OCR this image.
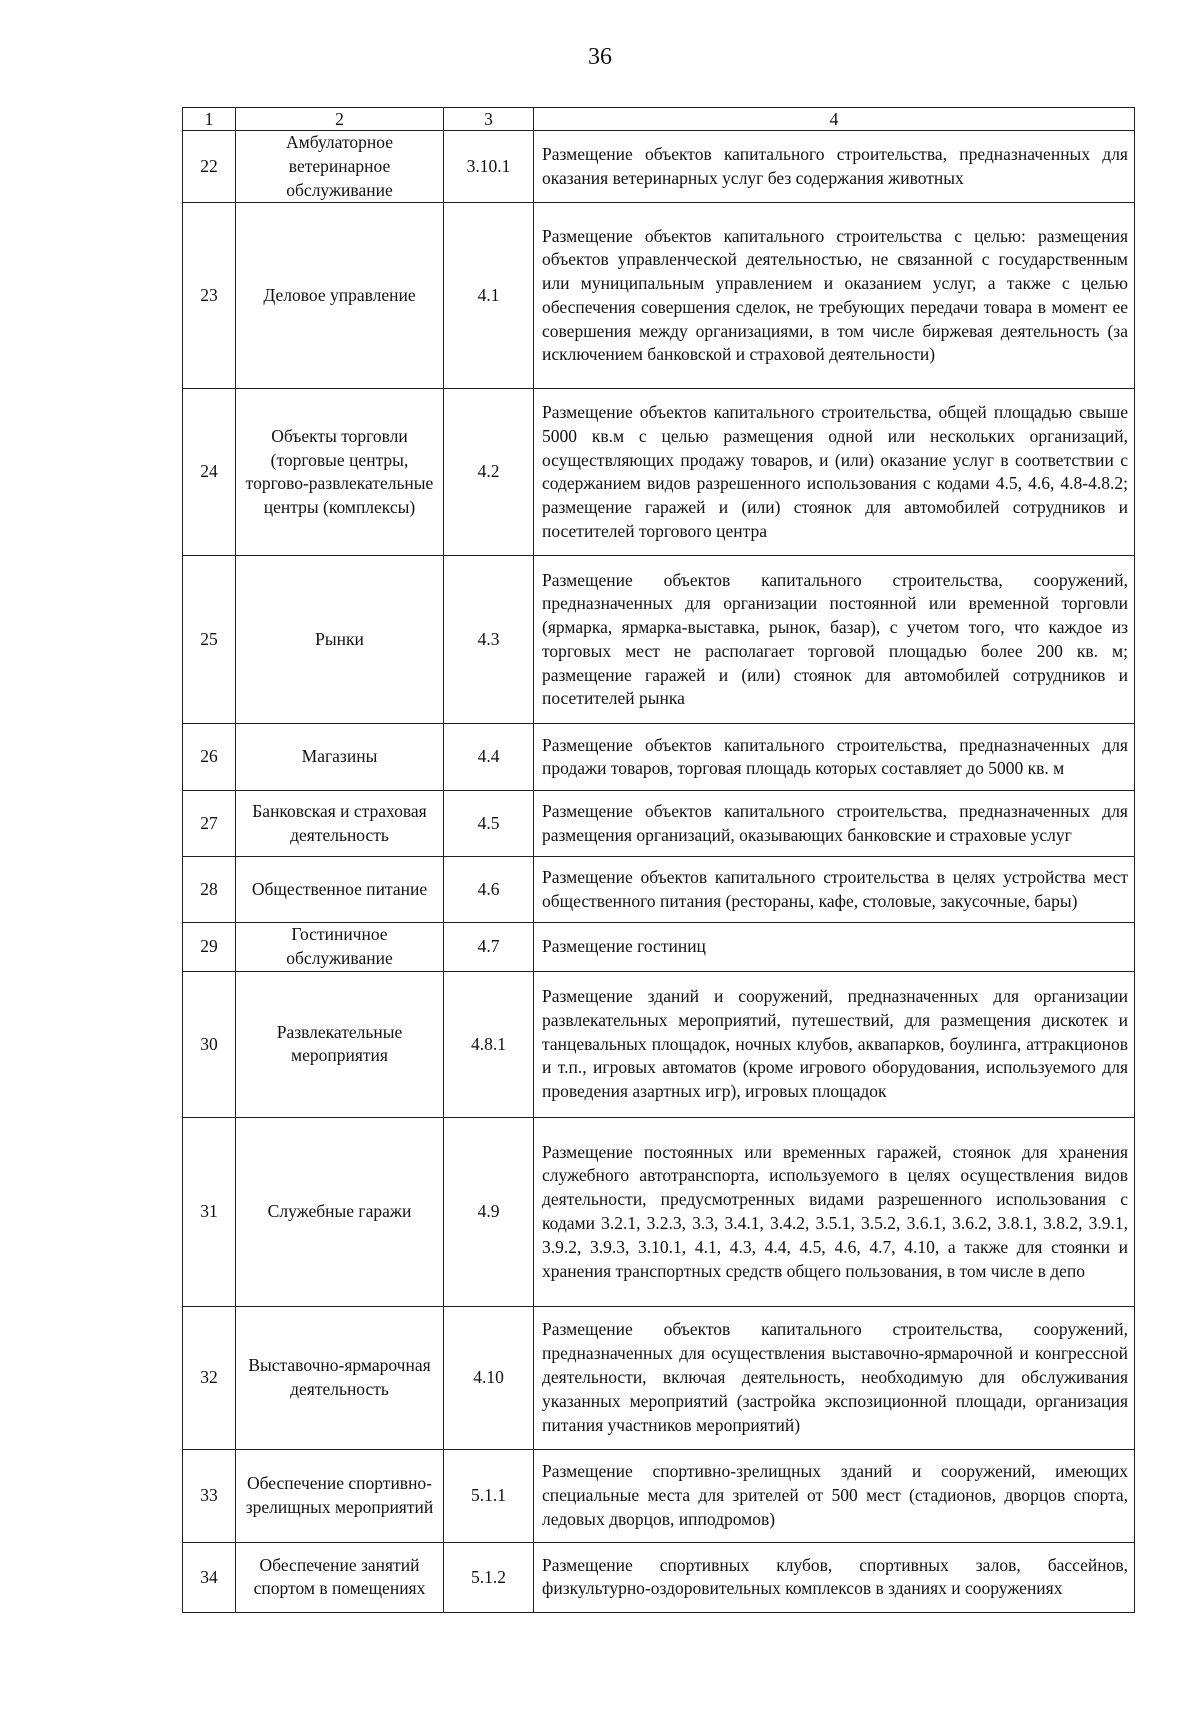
36
1	2	3	4
22	Амбулаторное ветеринарное обслуживание	3.10.1	Размещение объектов капитального строительства, предназначенных для оказания ветеринарных услуг без содержания животных
23	Деловое управление	4.1	Размещение объектов капитального строительства с целью: размещения объектов управленческой деятельностью, не связанной с государственным или муниципальным управлением и оказанием услуг, а также с целью обеспечения совершения сделок, не требующих передачи товара в момент ее совершения между организациями, в том числе биржевая деятельность (за исключением банковской и страховой деятельности)
24	Объекты торговли (торговые центры, торгово-развлекательные центры (комплексы)	4.2	Размещение объектов капитального строительства, общей площадью свыше 5000 кв.м с целью размещения одной или нескольких организаций, осуществляющих продажу товаров, и (или) оказание услуг в соответствии с содержанием видов разрешенного использования с кодами 4.5, 4.6, 4.8-4.8.2; размещение гаражей и (или) стоянок для автомобилей сотрудников и посетителей торгового центра
25	Рынки	4.3	Размещение объектов капитального строительства, сооружений, предназначенных для организации постоянной или временной торговли (ярмарка, ярмарка-выставка, рынок, базар), с учетом того, что каждое из торговых мест не располагает торговой площадью более 200 кв. м; размещение гаражей и (или) стоянок для автомобилей сотрудников и посетителей рынка
26	Магазины	4.4	Размещение объектов капитального строительства, предназначенных для продажи товаров, торговая площадь которых составляет до 5000 кв. м
27	Банковская и страховая деятельность	4.5	Размещение объектов капитального строительства, предназначенных для размещения организаций, оказывающих банковские и страховые услуг
28	Общественное питание	4.6	Размещение объектов капитального строительства в целях устройства мест общественного питания (рестораны, кафе, столовые, закусочные, бары)
29	Гостиничное обслуживание	4.7	Размещение гостиниц
30	Развлекательные мероприятия	4.8.1	Размещение зданий и сооружений, предназначенных для организации развлекательных мероприятий, путешествий, для размещения дискотек и танцевальных площадок, ночных клубов, аквапарков, боулинга, аттракционов и т.п., игровых автоматов (кроме игрового оборудования, используемого для проведения азартных игр), игровых площадок
31	Служебные гаражи	4.9	Размещение постоянных или временных гаражей, стоянок для хранения служебного автотранспорта, используемого в целях осуществления видов деятельности, предусмотренных видами разрешенного использования с кодами 3.2.1, 3.2.3, 3.3, 3.4.1, 3.4.2, 3.5.1, 3.5.2, 3.6.1, 3.6.2, 3.8.1, 3.8.2, 3.9.1, 3.9.2, 3.9.3, 3.10.1, 4.1, 4.3, 4.4, 4.5, 4.6, 4.7, 4.10, а также для стоянки и хранения транспортных средств общего пользования, в том числе в депо
32	Выставочно-ярмарочная деятельность	4.10	Размещение объектов капитального строительства, сооружений, предназначенных для осуществления выставочно-ярмарочной и конгрессной деятельности, включая деятельность, необходимую для обслуживания указанных мероприятий (застройка экспозиционной площади, организация питания участников мероприятий)
33	Обеспечение спортивно-зрелищных мероприятий	5.1.1	Размещение спортивно-зрелищных зданий и сооружений, имеющих специальные места для зрителей от 500 мест (стадионов, дворцов спорта, ледовых дворцов, ипподромов)
34	Обеспечение занятий спортом в помещениях	5.1.2	Размещение спортивных клубов, спортивных залов, бассейнов, физкультурно-оздоровительных комплексов в зданиях и сооружениях
